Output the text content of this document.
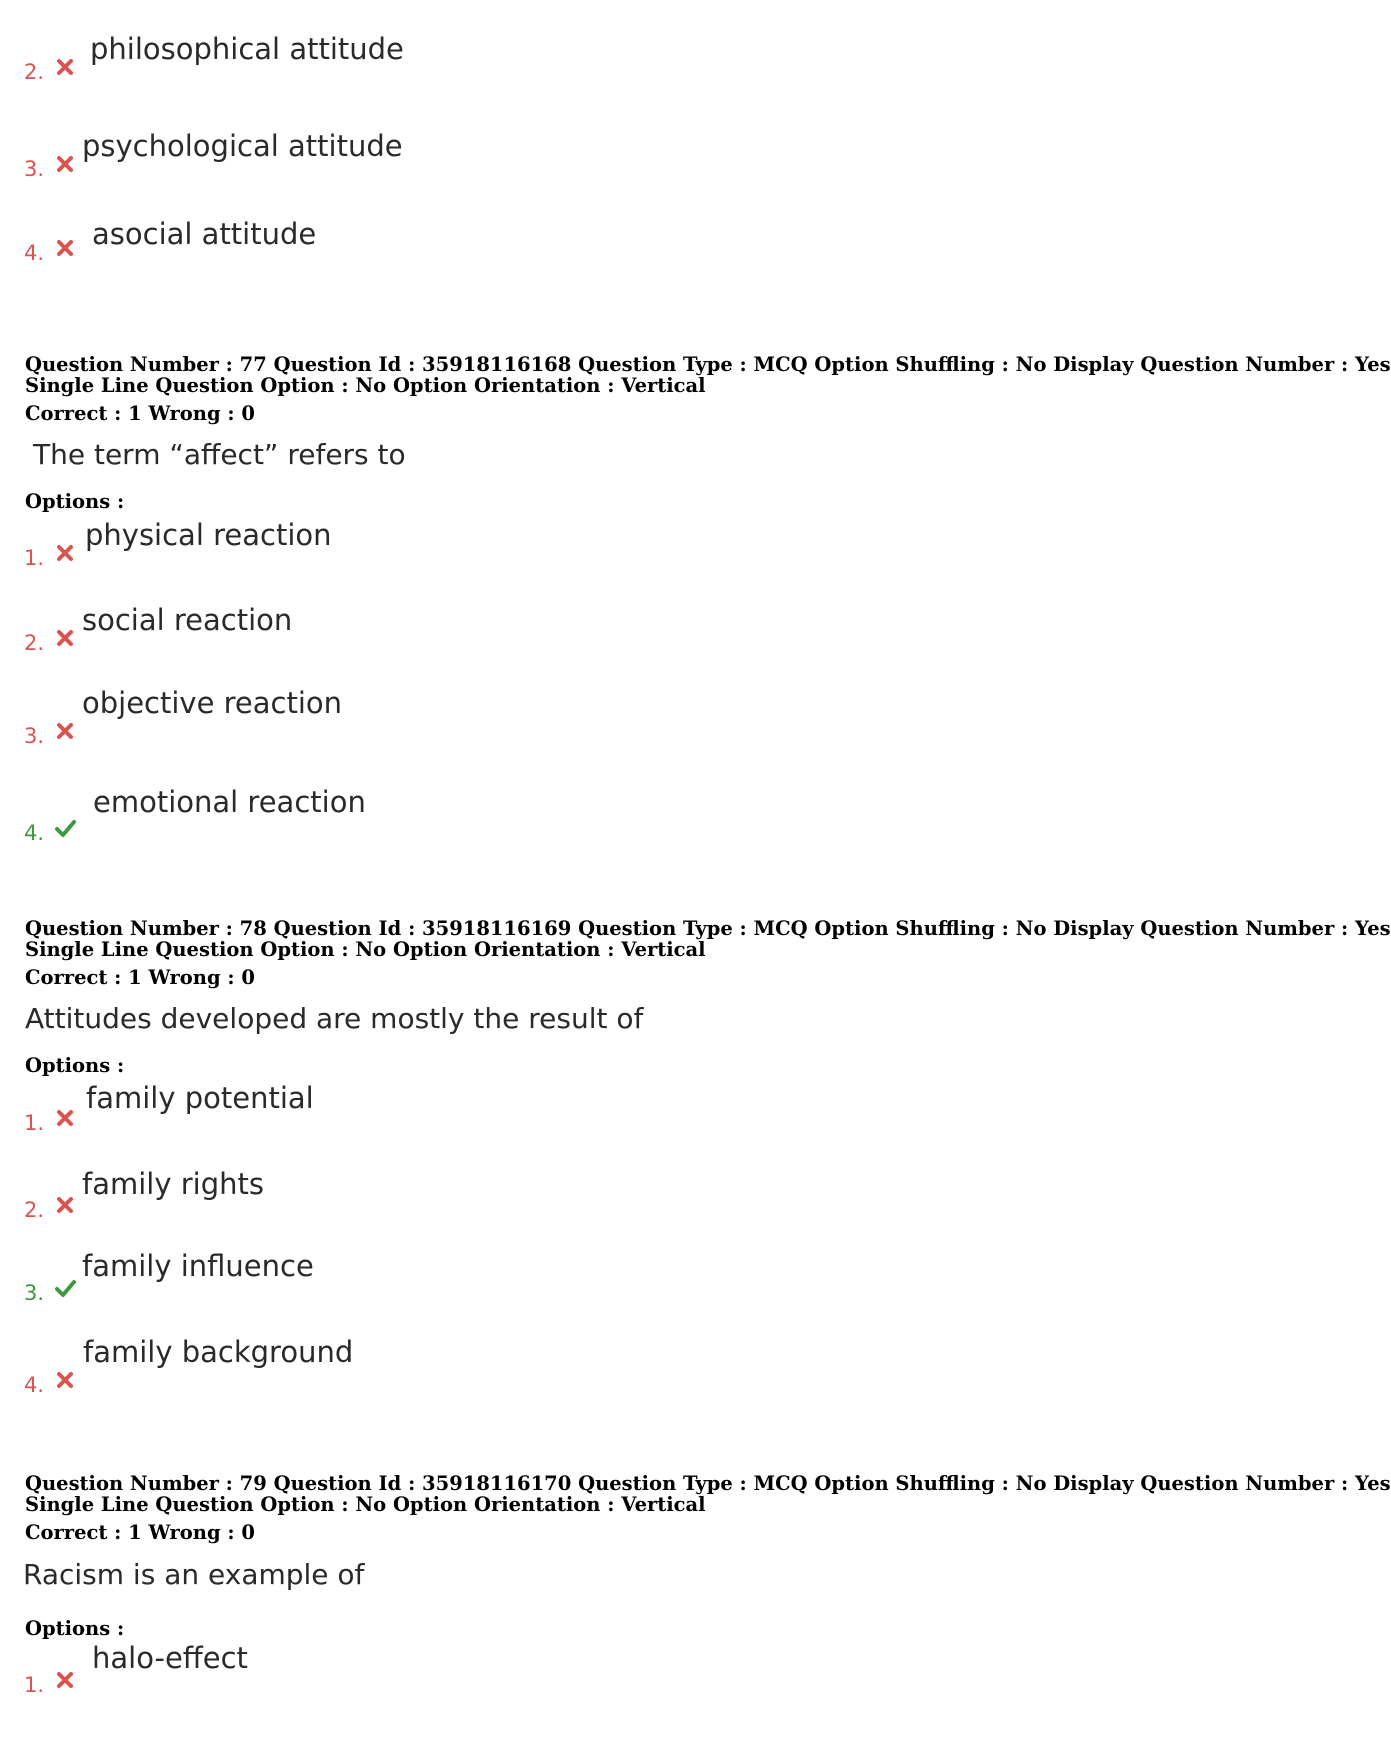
2.
philosophical attitude
3.
psychological attitude
4.
asocial attitude
Question Number : 77 Question Id : 35918116168 Question Type : MCQ Option Shuffling : No Display Question Number : Yes
Single Line Question Option : No Option Orientation : Vertical
Correct : 1 Wrong : 0
The term “affect” refers to
Options :
1.
physical reaction
2.
social reaction
3.
objective reaction
4.
emotional reaction
Question Number : 78 Question Id : 35918116169 Question Type : MCQ Option Shuffling : No Display Question Number : Yes
Single Line Question Option : No Option Orientation : Vertical
Correct : 1 Wrong : 0
Attitudes developed are mostly the result of
Options :
1.
family potential
2.
family rights
3.
family influence
4.
family background
Question Number : 79 Question Id : 35918116170 Question Type : MCQ Option Shuffling : No Display Question Number : Yes
Single Line Question Option : No Option Orientation : Vertical
Correct : 1 Wrong : 0
Racism is an example of
Options :
1.
halo-effect
